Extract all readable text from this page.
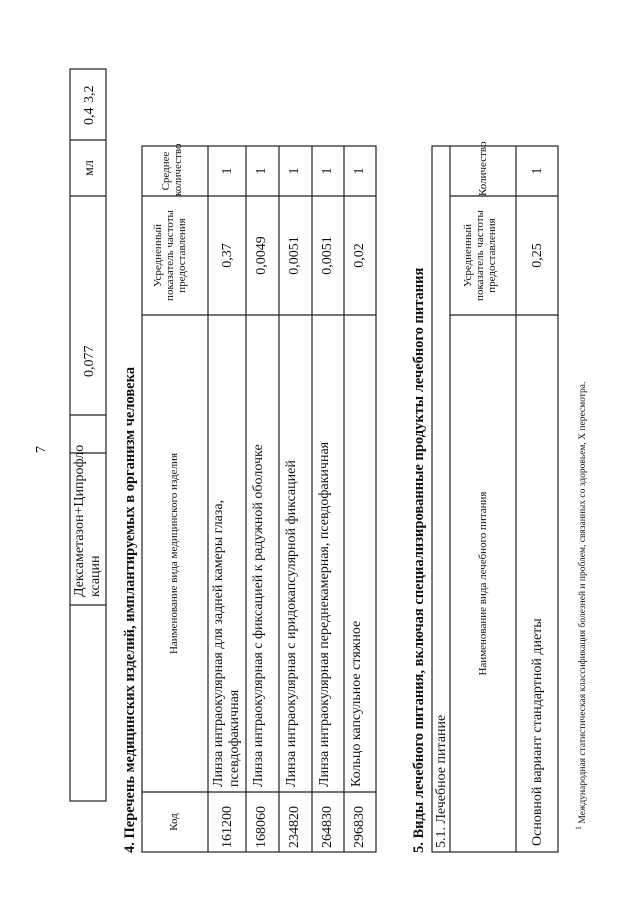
7 Дексаметазон+Ципрофло ксацин
0,077
мл
0,4
3,2
4. Перечень медицинских изделий, имплантируемых в организм человека	Код
Наименование вида медицинского изделия
Усредненный показатель частоты предоставления
Среднее количество
161200
Линза интраокулярная для задней камеры глаза, псевдофакичная
0,37
1
168060
Линза интраокулярная с фиксацией к радужной оболочке
0,0049
1
234820
Линза интраокулярная с иридокапсулярной фиксацией
0,0051
1
264830
Линза интраокулярная переднекамерная, псевдофакичная
0,0051
1
296830
Кольцо капсульное стяжное
0,02
1
5. Виды лечебного питания, включая специализированные продукты лечебного питания 5.1. Лечебное питание
Наименование вида лечебного питания
Усредненный показатель частоты предоставления
Количество
Основной вариант стандартной диеты
0,25
1
$^1$ Международная статистическая классификация болезней и проблем, связанных со здоровьем, X пересмотра.
